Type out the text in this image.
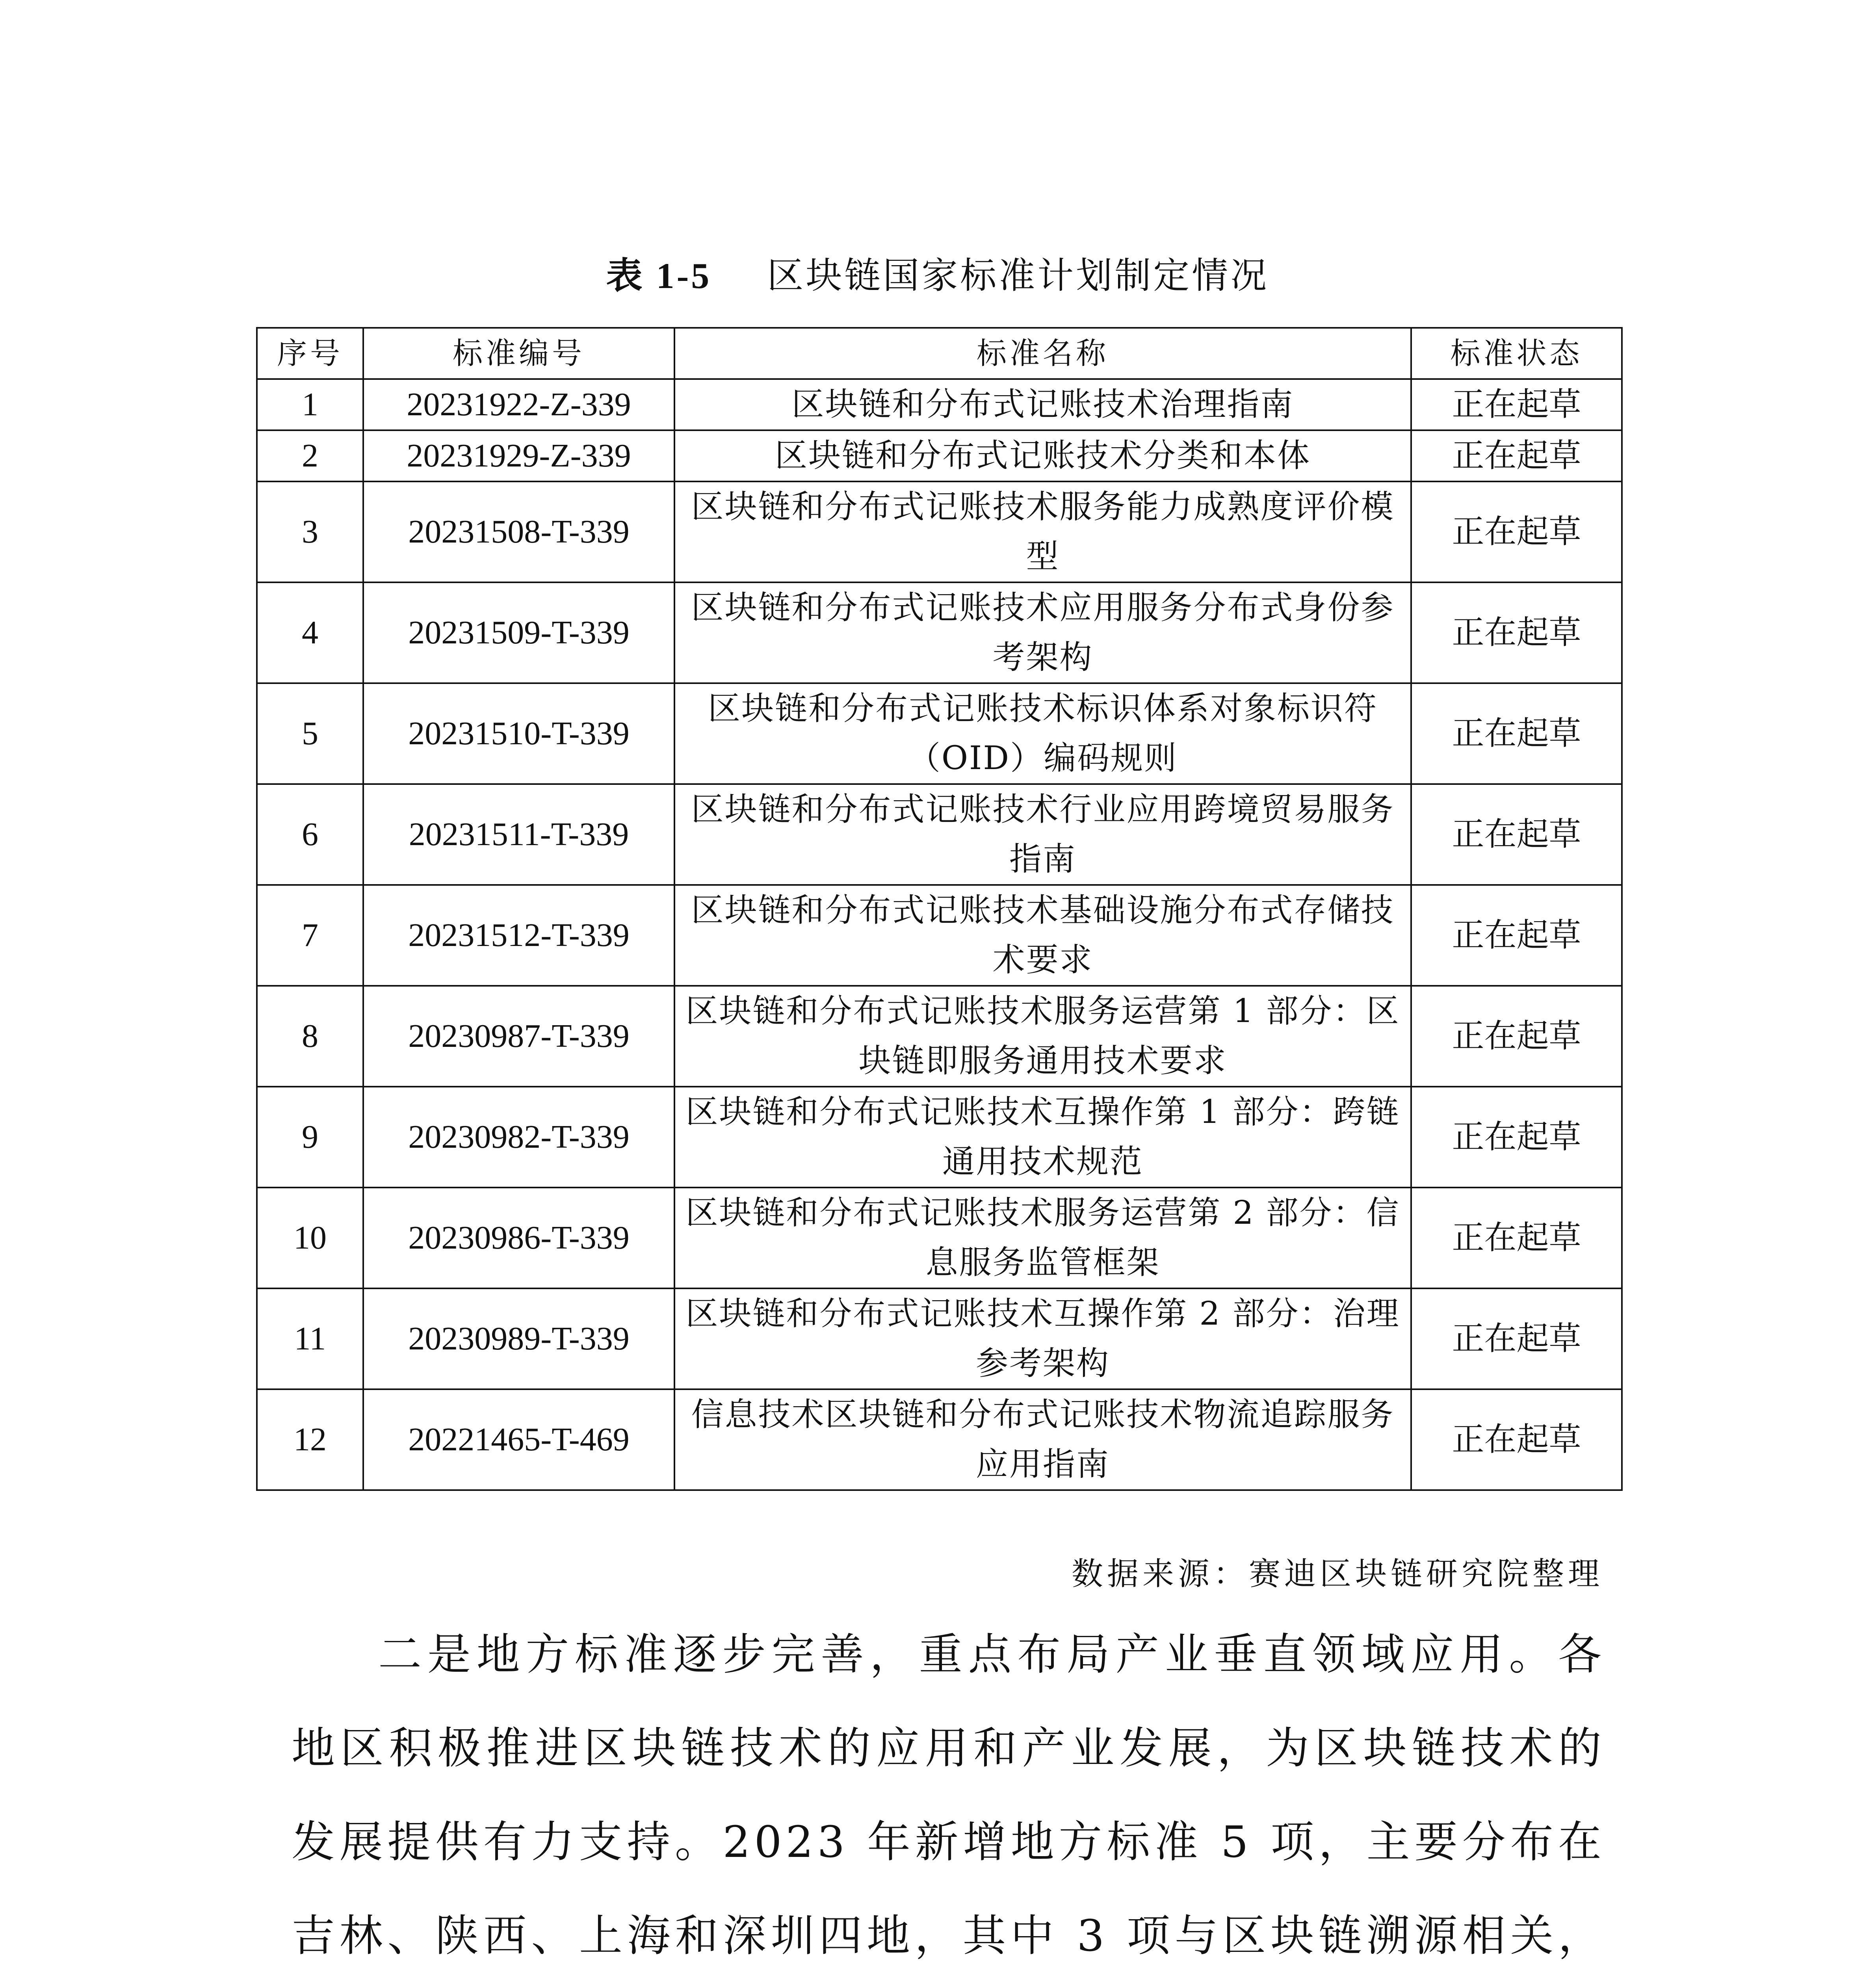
表 1-5 区块链国家标准计划制定情况
序号	标准编号	标准名称	标准状态
1	20231922-Z-339	区块链和分布式记账技术治理指南	正在起草
2	20231929-Z-339	区块链和分布式记账技术分类和本体	正在起草
3	20231508-T-339	区块链和分布式记账技术服务能力成熟度评价模型	正在起草
4	20231509-T-339	区块链和分布式记账技术应用服务分布式身份参考架构	正在起草
5	20231510-T-339	区块链和分布式记账技术标识体系对象标识符（OID）编码规则	正在起草
6	20231511-T-339	区块链和分布式记账技术行业应用跨境贸易服务指南	正在起草
7	20231512-T-339	区块链和分布式记账技术基础设施分布式存储技术要求	正在起草
8	20230987-T-339	区块链和分布式记账技术服务运营第 1 部分：区块链即服务通用技术要求	正在起草
9	20230982-T-339	区块链和分布式记账技术互操作第 1 部分：跨链通用技术规范	正在起草
10	20230986-T-339	区块链和分布式记账技术服务运营第 2 部分：信息服务监管框架	正在起草
11	20230989-T-339	区块链和分布式记账技术互操作第 2 部分：治理参考架构	正在起草
12	20221465-T-469	信息技术区块链和分布式记账技术物流追踪服务应用指南	正在起草
数据来源：赛迪区块链研究院整理

二是地方标准逐步完善，重点布局产业垂直领域应用。各地区积极推进区块链技术的应用和产业发展，为区块链技术的发展提供有力支持。2023 年新增地方标准 5 项，主要分布在吉林、陕西、上海和深圳四地，其中 3 项与区块链溯源相关，
